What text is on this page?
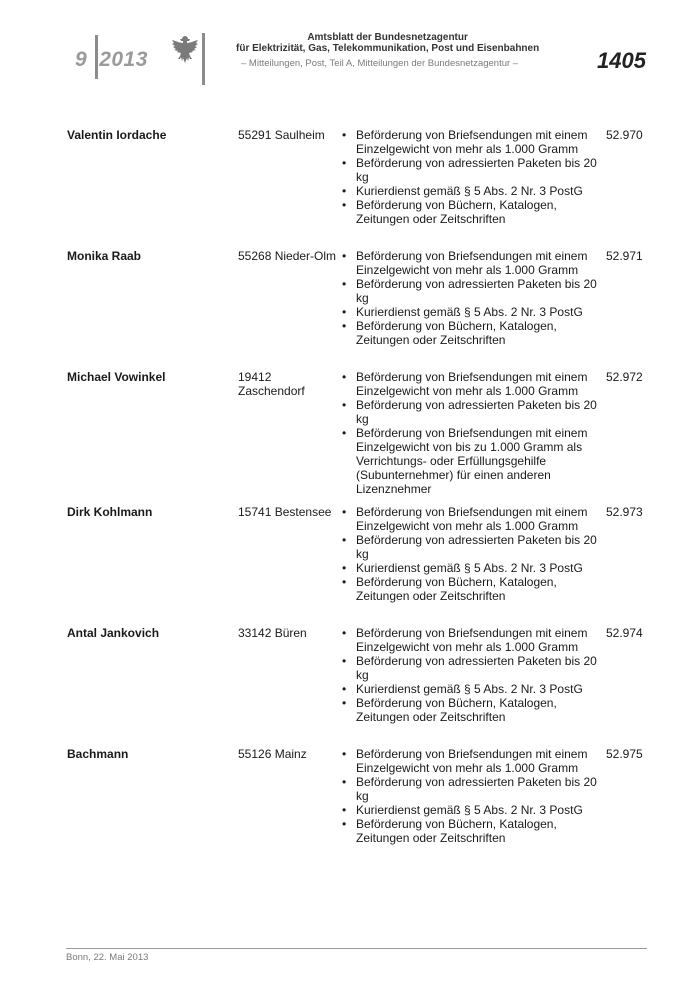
9 2013
Amtsblatt der Bundesnetzagentur
für Elektrizität, Gas, Telekommunikation, Post und Eisenbahnen
– Mitteilungen, Post, Teil A, Mitteilungen der Bundesnetzagentur –	1405
Valentin Iordache	55291 Saulheim	• Beförderung von Briefsendungen mit einem Einzelgewicht von mehr als 1.000 Gramm
• Beförderung von adressierten Paketen bis 20 kg
• Kurierdienst gemäß § 5 Abs. 2 Nr. 3 PostG
• Beförderung von Büchern, Katalogen, Zeitungen oder Zeitschriften
52.970
Monika Raab	55268 Nieder-Olm	• Beförderung von Briefsendungen mit einem Einzelgewicht von mehr als 1.000 Gramm
• Beförderung von adressierten Paketen bis 20 kg
• Kurierdienst gemäß § 5 Abs. 2 Nr. 3 PostG
• Beförderung von Büchern, Katalogen, Zeitungen oder Zeitschriften
52.971
Michael Vowinkel	19412
Zaschendorf
• Beförderung von Briefsendungen mit einem Einzelgewicht von mehr als 1.000 Gramm
• Beförderung von adressierten Paketen bis 20 kg
• Beförderung von Briefsendungen mit einem Einzelgewicht von bis zu 1.000 Gramm als Verrichtungs- oder Erfüllungsgehilfe (Subunternehmer) für einen anderen Lizenznehmer
52.972
Dirk Kohlmann	15741 Bestensee	• Beförderung von Briefsendungen mit einem Einzelgewicht von mehr als 1.000 Gramm
• Beförderung von adressierten Paketen bis 20 kg
• Kurierdienst gemäß § 5 Abs. 2 Nr. 3 PostG
• Beförderung von Büchern, Katalogen, Zeitungen oder Zeitschriften
52.973
Antal Jankovich	33142 Büren	• Beförderung von Briefsendungen mit einem Einzelgewicht von mehr als 1.000 Gramm
• Beförderung von adressierten Paketen bis 20 kg
• Kurierdienst gemäß § 5 Abs. 2 Nr. 3 PostG
• Beförderung von Büchern, Katalogen, Zeitungen oder Zeitschriften
52.974
Bachmann	55126 Mainz	• Beförderung von Briefsendungen mit einem Einzelgewicht von mehr als 1.000 Gramm
• Beförderung von adressierten Paketen bis 20 kg
• Kurierdienst gemäß § 5 Abs. 2 Nr. 3 PostG
• Beförderung von Büchern, Katalogen, Zeitungen oder Zeitschriften
52.975
Bonn, 22. Mai 2013
